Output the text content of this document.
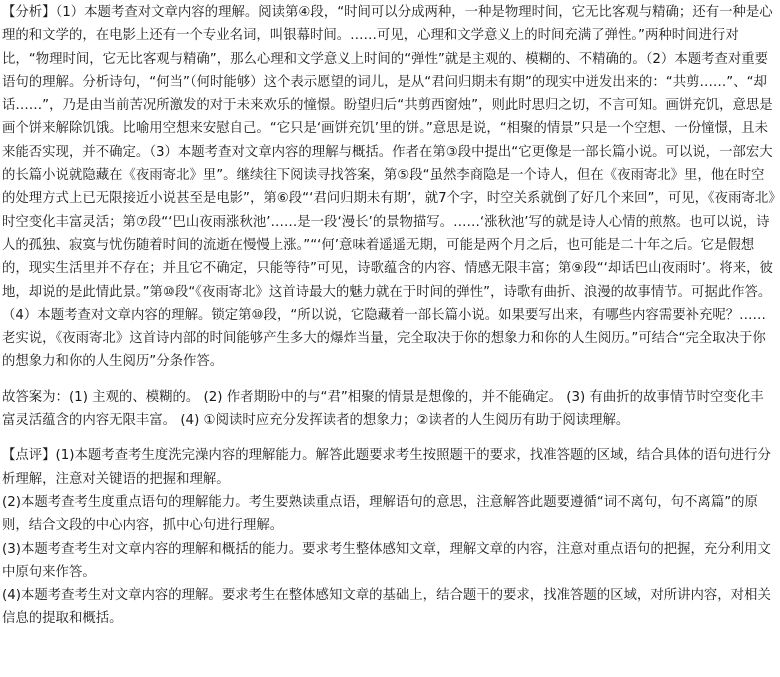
【分析】（1）本题考查对文章内容的理解。阅读第④段，“时间可以分成两种，一种是物理时间，它无比客观与精确；还有一种是心理的和文学的，在电影上还有一个专业名词，叫银幕时间。……可见，心理和文学意义上的时间充满了弹性。”两种时间进行对比，“物理时间，它无比客观与精确”，那么心理和文学意义上时间的“弹性”就是主观的、模糊的、不精确的。（2）本题考查对重要语句的理解。分析诗句，“何当”（何时能够）这个表示愿望的词儿，是从“君问归期未有期”的现实中迸发出来的：“共剪……”、“却话……”，乃是由当前苦况所激发的对于未来欢乐的憧憬。盼望归后“共剪西窗烛”，则此时思归之切，不言可知。画饼充饥，意思是画个饼来解除饥饿。比喻用空想来安慰自己。“它只是‘画饼充饥’里的饼。”意思是说，“相聚的情景”只是一个空想、一份憧憬，且未来能否实现，并不确定。（3）本题考查对文章内容的理解与概括。作者在第③段中提出“它更像是一部长篇小说。可以说，一部宏大的长篇小说就隐藏在《夜雨寄北》里”。继续往下阅读寻找答案，第⑤段“虽然李商隐是一个诗人，但在《夜雨寄北》里，他在时空的处理方式上已无限接近小说甚至是电影”，第⑥段“‘君问归期未有期’，就7个字，时空关系就倒了好几个来回”，可见，《夜雨寄北》时空变化丰富灵活；第⑦段“‘巴山夜雨涨秋池’……是一段‘漫长’的景物描写。……‘涨秋池’写的就是诗人心情的煎熬。也可以说，诗人的孤独、寂寞与忧伤随着时间的流逝在慢慢上涨。”“‘何’意味着遥遥无期，可能是两个月之后，也可能是二十年之后。它是假想的，现实生活里并不存在；并且它不确定，只能等待”可见，诗歌蕴含的内容、情感无限丰富；第⑨段“‘却话巴山夜雨时’。将来，彼地，却说的是此情此景。”第⑩段“《夜雨寄北》这首诗最大的魅力就在于时间的弹性”，诗歌有曲折、浪漫的故事情节。可据此作答。（4）本题考查对文章内容的理解。锁定第⑩段，“所以说，它隐藏着一部长篇小说。如果要写出来，有哪些内容需要补充呢？……老实说，《夜雨寄北》这首诗内部的时间能够产生多大的爆炸当量，完全取决于你的想象力和你的人生阅历。”可结合“完全取决于你的想象力和你的人生阅历”分条作答。

故答案为：(1) 主观的、模糊的。 (2) 作者期盼中的与“君”相聚的情景是想像的，并不能确定。 (3) 有曲折的故事情节时空变化丰富灵活蕴含的内容无限丰富。 (4) ①阅读时应充分发挥读者的想象力；②读者的人生阅历有助于阅读理解。

【点评】(1)本题考查考生度洗完澡内容的理解能力。解答此题要求考生按照题干的要求，找准答题的区域，结合具体的语句进行分析理解，注意对关键语的把握和理解。
(2)本题考查考生度重点语句的理解能力。考生要熟读重点语，理解语句的意思，注意解答此题要遵循“词不离句，句不离篇”的原则，结合文段的中心内容，抓中心句进行理解。
(3)本题考查考生对文章内容的理解和概括的能力。要求考生整体感知文章，理解文章的内容，注意对重点语句的把握，充分利用文中原句来作答。
(4)本题考查考生对文章内容的理解。要求考生在整体感知文章的基础上，结合题干的要求，找准答题的区域，对所讲内容，对相关信息的提取和概括。
